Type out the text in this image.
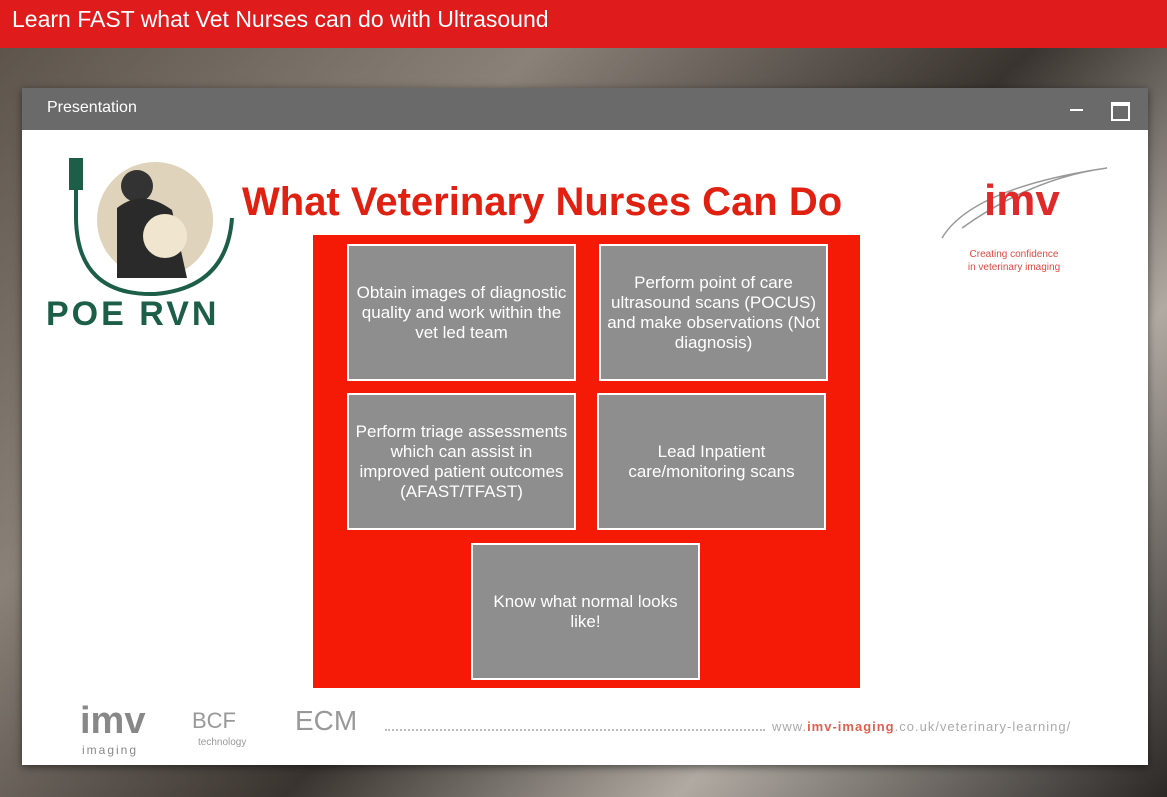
Learn FAST what Vet Nurses can do with Ultrasound
Presentation
POE RVN
What Veterinary Nurses Can Do	imv
Creating confidence
in veterinary imaging
Obtain images of diagnostic quality and work within the vet led team
Perform point of care ultrasound scans (POCUS) and make observations (Not diagnosis)
Perform triage assessments which can assist in improved patient outcomes (AFAST/TFAST)
Lead Inpatient care/monitoring scans
Know what normal looks like!
imv
imaging
BCF
technology
ECM	www.imv-imaging.co.uk/veterinary-learning/
